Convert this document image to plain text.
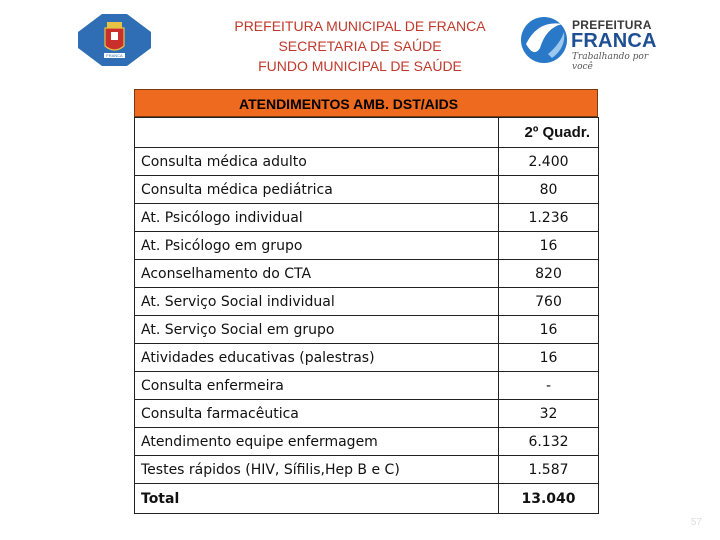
FRANCA
PREFEITURA MUNICIPAL DE FRANCA
SECRETARIA DE SAÚDE
FUNDO MUNICIPAL DE SAÚDE
PREFEITURA
FRANCA
Trabalhando por você
ATENDIMENTOS AMB. DST/AIDS
	2º Quadr.
Consulta médica adulto	2.400
Consulta médica pediátrica	80
At. Psicólogo individual	1.236
At. Psicólogo em grupo	16
Aconselhamento do CTA	820
At. Serviço Social individual	760
At. Serviço Social em grupo	16
Atividades educativas (palestras)	16
Consulta enfermeira	-
Consulta farmacêutica	32
Atendimento equipe enfermagem	6.132
Testes rápidos (HIV, Sífilis,Hep B e C)	1.587
Total	13.040
57
